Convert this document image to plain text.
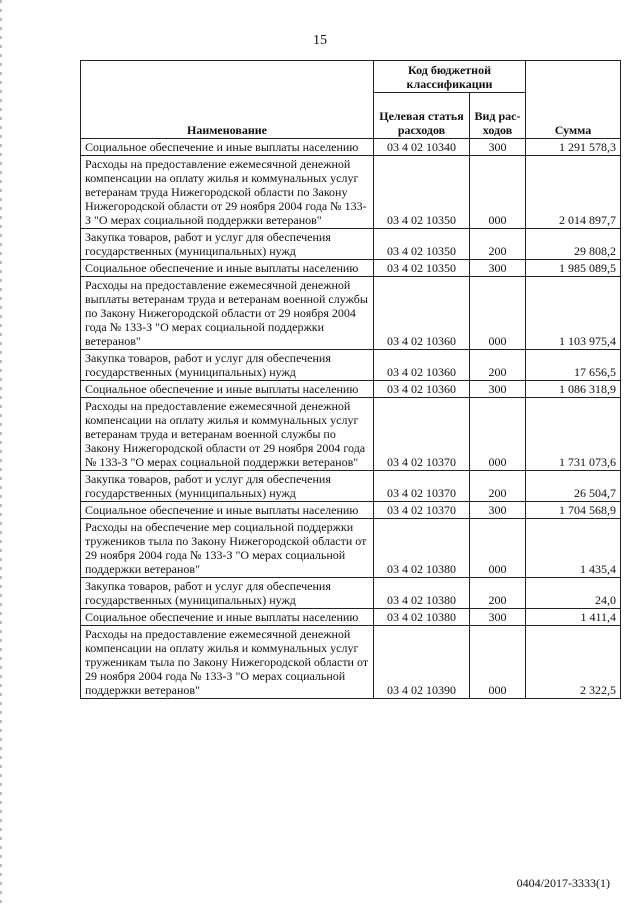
15
Наименование	Код бюджетной классификации		Сумма
	Целевая статья расходов	Вид рас-ходов	
Социальное обеспечение и иные выплаты населению	03 4 02 10340	300	1 291 578,3
Расходы на предоставление ежемесячной денежной компенсации на оплату жилья и коммунальных услуг ветеранам труда Нижегородской области по Закону Нижегородской области от 29 ноября 2004 года № 133-З "О мерах социальной поддержки ветеранов"	03 4 02 10350	000	2 014 897,7
Закупка товаров, работ и услуг для обеспечения государственных (муниципальных) нужд	03 4 02 10350	200	29 808,2
Социальное обеспечение и иные выплаты населению	03 4 02 10350	300	1 985 089,5
Расходы на предоставление ежемесячной денежной выплаты ветеранам труда и ветеранам военной службы по Закону Нижегородской области от 29 ноября 2004 года № 133-З "О мерах социальной поддержки ветеранов"	03 4 02 10360	000	1 103 975,4
Закупка товаров, работ и услуг для обеспечения государственных (муниципальных) нужд	03 4 02 10360	200	17 656,5
Социальное обеспечение и иные выплаты населению	03 4 02 10360	300	1 086 318,9
Расходы на предоставление ежемесячной денежной компенсации на оплату жилья и коммунальных услуг ветеранам труда и ветеранам военной службы по Закону Нижегородской области от 29 ноября 2004 года № 133-З "О мерах социальной поддержки ветеранов"	03 4 02 10370	000	1 731 073,6
Закупка товаров, работ и услуг для обеспечения государственных (муниципальных) нужд	03 4 02 10370	200	26 504,7
Социальное обеспечение и иные выплаты населению	03 4 02 10370	300	1 704 568,9
Расходы на обеспечение мер социальной поддержки тружеников тыла по Закону Нижегородской области от 29 ноября 2004 года № 133-З "О мерах социальной поддержки ветеранов"	03 4 02 10380	000	1 435,4
Закупка товаров, работ и услуг для обеспечения государственных (муниципальных) нужд	03 4 02 10380	200	24,0
Социальное обеспечение и иные выплаты населению	03 4 02 10380	300	1 411,4
Расходы на предоставление ежемесячной денежной компенсации на оплату жилья и коммунальных услуг труженикам тыла по Закону Нижегородской области от 29 ноября 2004 года № 133-З "О мерах социальной поддержки ветеранов"	03 4 02 10390	000	2 322,5
0404/2017-3333(1)
